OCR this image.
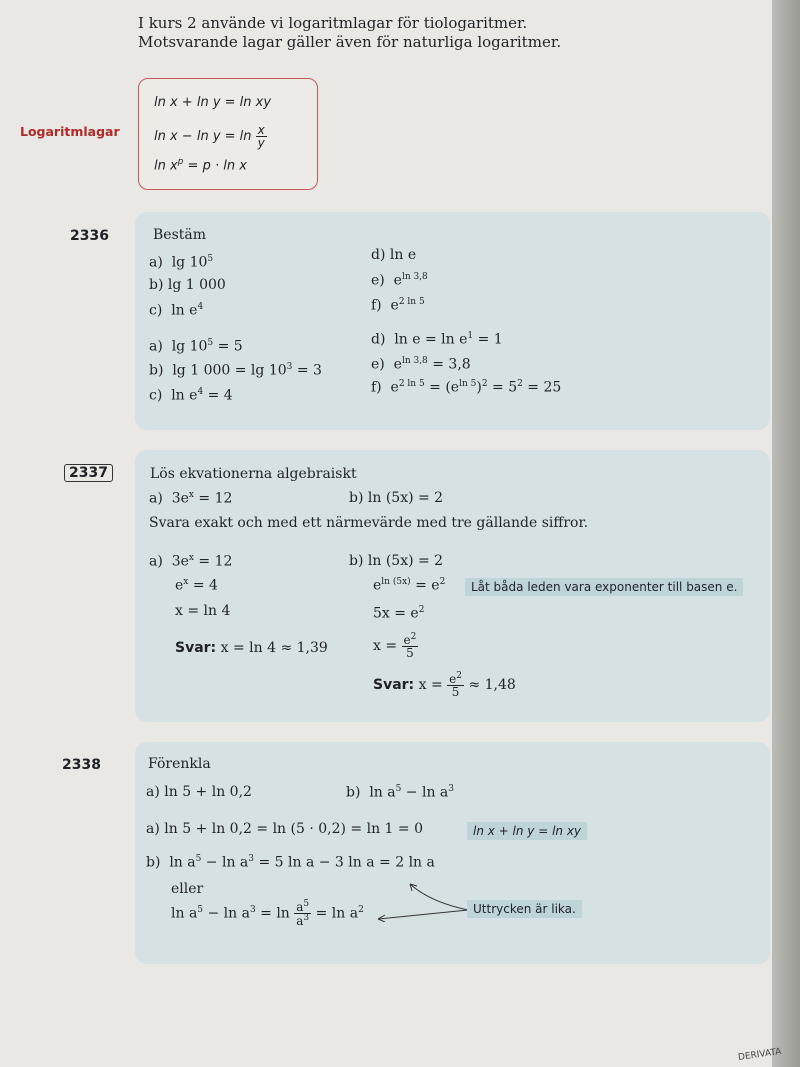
I kurs 2 använde vi logaritmlagar för tiologaritmer.
Motsvarande lagar gäller även för naturliga logaritmer.
Logaritmlagar
ln x + ln y = ln xy
$\ln x - \ln y = \ln \frac{x}{y}$
$\ln x^p = p \cdot \ln x$
2336	Bestäm
a)  $\lg 10^5$
b) lg 1 000
c)  $\ln e^4$
d) ln e
e)  $e^{ln 3,8}$
f)  $e^{2 ln 5}$
a)  $\lg 10^5 = 5$
b)  lg 1 $000 = \lg 10^3 = 3$
c)  $\ln e^4 = 4$
d)  $\ln e = \ln e^1 = 1$
e)  $e^{ln 3,8} = 3,8$
f)  $e^{2 ln 5} = (e^{ln 5})^2 = 5^2 = 25$
2337	Lös ekvationerna algebraiskt
a)  $3e^x = 12$	b) ln (5x) = 2
Svara exakt och med ett närmevärde med tre gällande siffror.
a)  $3e^x = 12$
$e^x = 4$
x = ln 4
Svar: x = ln 4 ≈ 1,39
b) ln (5x) = 2
$e^{ln (5x)} = e^2$	Låt båda leden vara exponenter till basen e.
$5x = e^2$
$x = \frac{e^2}{5}$
Svar: $x = \frac{e^2}{5} \approx 1,48$
2338	Förenkla
a) ln 5 + ln 0,2	b)  $\ln a^5 - \ln a^3$
a) ln 5 + ln 0,2 = ln (5 · 0,2) = ln 1 = 0	ln x + ln y = ln xy
b)  $\ln a^5 - \ln a^3 = 5$ ln a − 3 ln a = 2 ln a
eller
$\ln a^5 - \ln a^3 = \ln \frac{a^5}{a^3} = \ln a^2$	Uttrycken är lika.
DERIVATA
